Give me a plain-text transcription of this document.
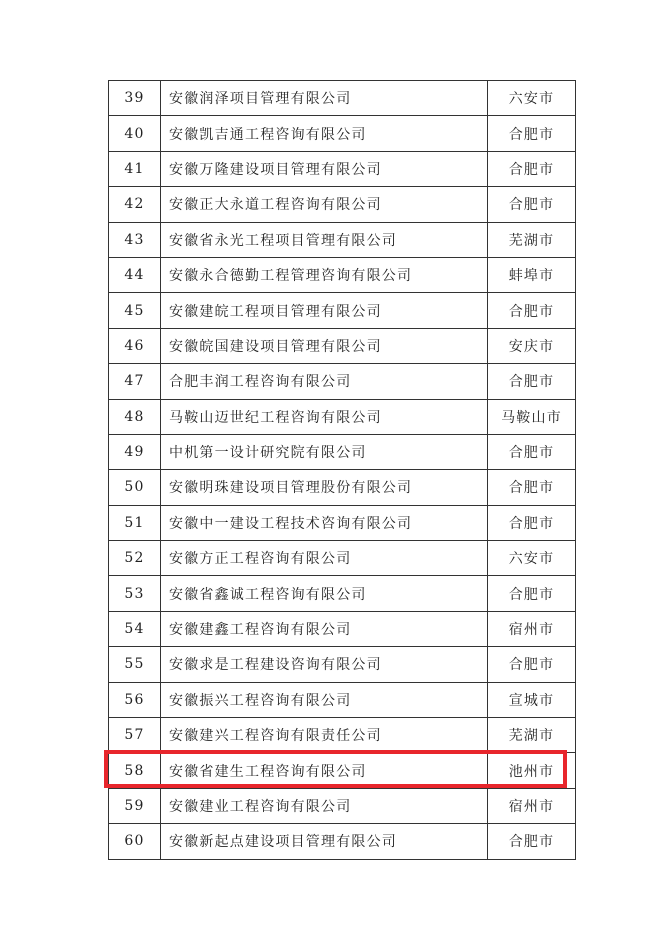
39	安徽润泽项目管理有限公司	六安市
40	安徽凯吉通工程咨询有限公司	合肥市
41	安徽万隆建设项目管理有限公司	合肥市
42	安徽正大永道工程咨询有限公司	合肥市
43	安徽省永光工程项目管理有限公司	芜湖市
44	安徽永合德勤工程管理咨询有限公司	蚌埠市
45	安徽建皖工程项目管理有限公司	合肥市
46	安徽皖国建设项目管理有限公司	安庆市
47	合肥丰润工程咨询有限公司	合肥市
48	马鞍山迈世纪工程咨询有限公司	马鞍山市
49	中机第一设计研究院有限公司	合肥市
50	安徽明珠建设项目管理股份有限公司	合肥市
51	安徽中一建设工程技术咨询有限公司	合肥市
52	安徽方正工程咨询有限公司	六安市
53	安徽省鑫诚工程咨询有限公司	合肥市
54	安徽建鑫工程咨询有限公司	宿州市
55	安徽求是工程建设咨询有限公司	合肥市
56	安徽振兴工程咨询有限公司	宣城市
57	安徽建兴工程咨询有限责任公司	芜湖市
58	安徽省建生工程咨询有限公司	池州市
59	安徽建业工程咨询有限公司	宿州市
60	安徽新起点建设项目管理有限公司	合肥市
